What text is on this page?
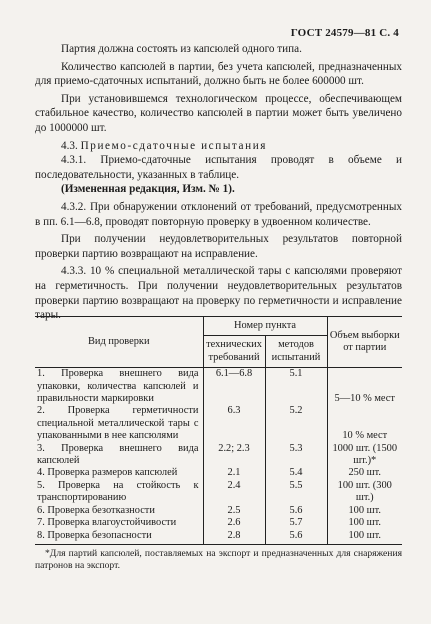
ГОСТ 24579—81 С. 4

Партия должна состоять из капсюлей одного типа.

Количество капсюлей в партии, без учета капсюлей, предназначенных для приемо-сдаточных испытаний, должно быть не более 600000 шт.

При установившемся технологическом процессе, обеспечивающем стабильное качество, количество капсюлей в партии может быть увеличено до 1000000 шт.

4.3. Приемо-сдаточные испытания

4.3.1. Приемо-сдаточные испытания проводят в объеме и последовательности, указанных в таблице.

(Измененная редакция, Изм. № 1).

4.3.2. При обнаружении отклонений от требований, предусмотренных в пп. 6.1—6.8, проводят повторную проверку в удвоенном количестве.

При получении неудовлетворительных результатов повторной проверки партию возвращают на исправление.

4.3.3. 10 % специальной металлической тары с капсюлями проверяют на герметичность. При получении неудовлетворительных результатов проверки партию возвращают на проверку по герметичности и исправление тары.

Вид проверки	Номер пункта		Объем выборки от партии
	технических требований	методов испытаний	
1. Проверка внешнего вида упаковки, количества капсюлей и правильности маркировки	6.1—6.8	5.1	5—10 % мест
2. Проверка герметичности специальной металлической тары с упакованными в нее капсюлями	6.3	5.2	10 % мест
3. Проверка внешнего вида капсюлей	2.2; 2.3	5.3	1000 шт. (1500 шт.)*
4. Проверка размеров капсюлей	2.1	5.4	250 шт.
5. Проверка на стойкость к транспортированию	2.4	5.5	100 шт. (300 шт.)
6. Проверка безотказности	2.5	5.6	100 шт.
7. Проверка влагоустойчивости	2.6	5.7	100 шт.
8. Проверка безопасности	2.8	5.6	100 шт.
*Для партий капсюлей, поставляемых на экспорт и предназначенных для снаряжения патронов на экспорт.
